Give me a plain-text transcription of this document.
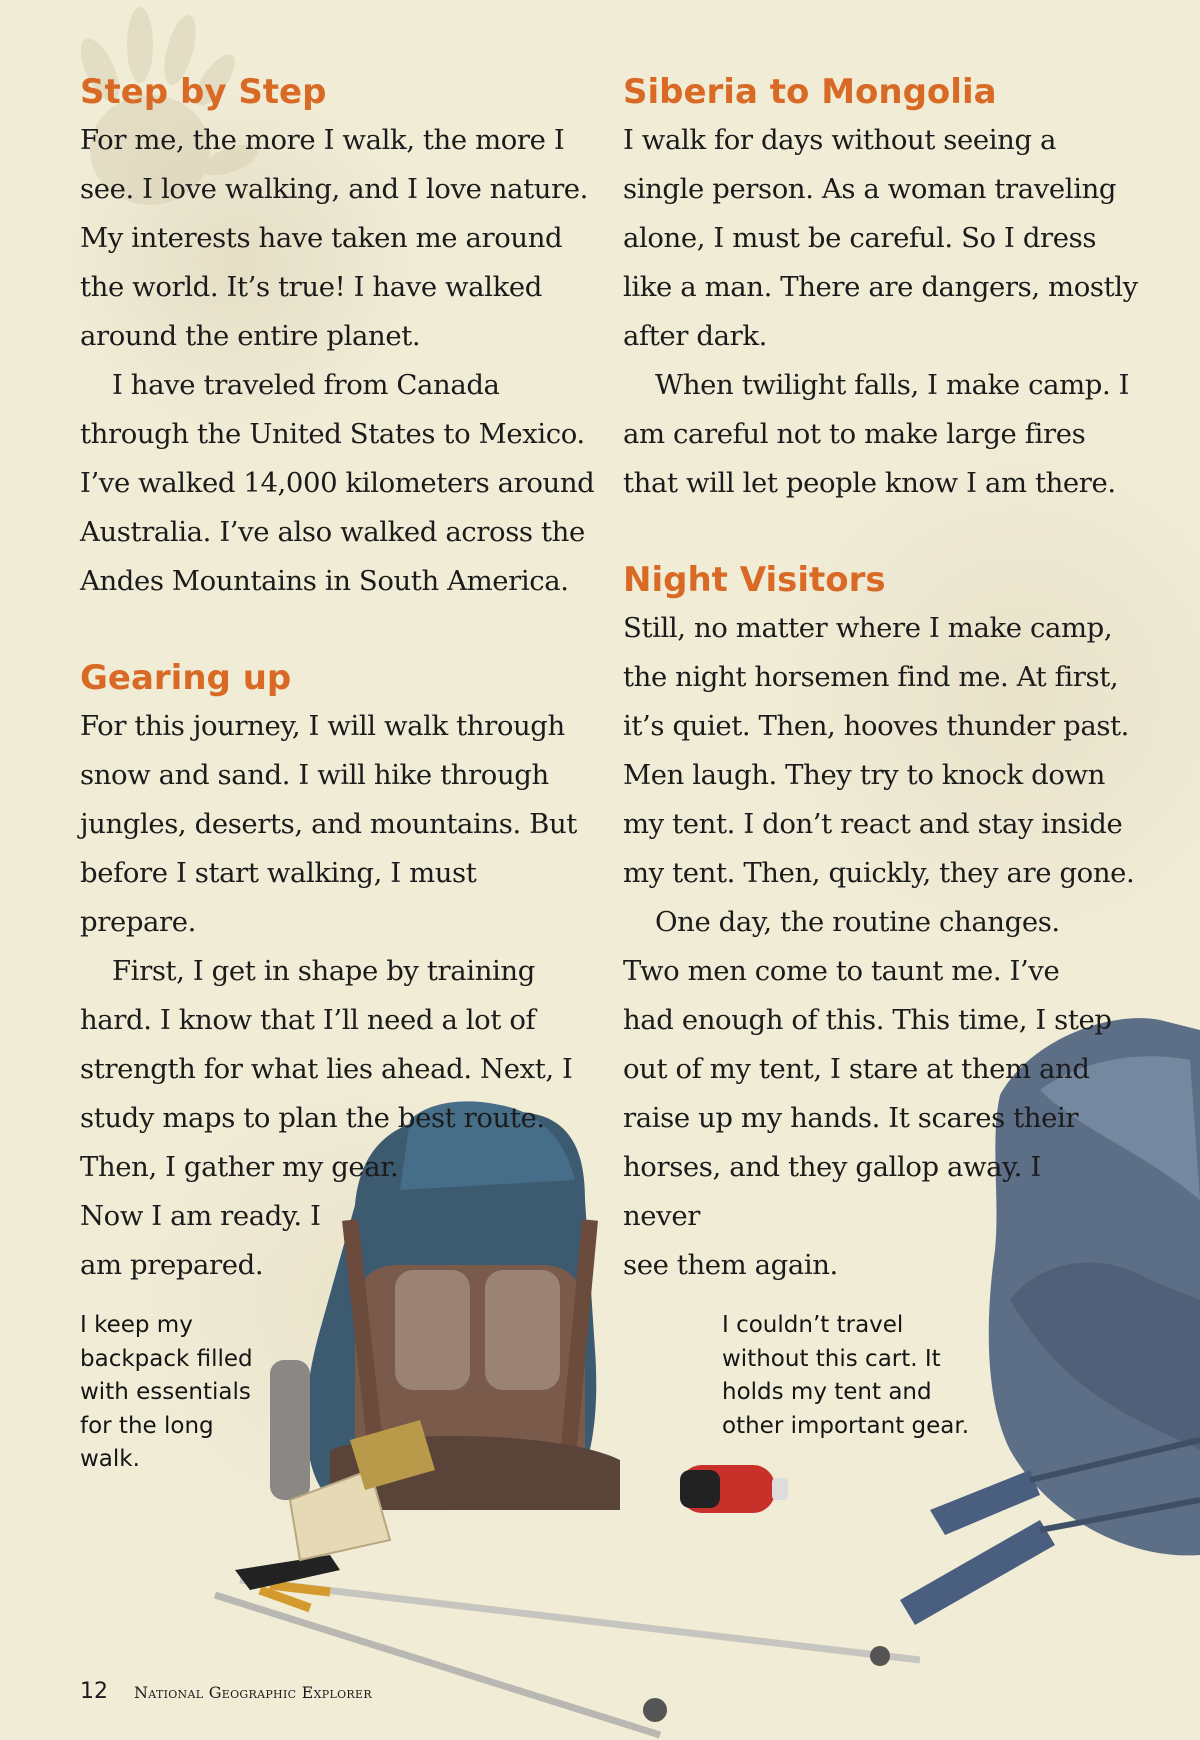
Step by Step

For me, the more I walk, the more I see. I love walking, and I love nature. My interests have taken me around the world. It’s true! I have walked around the entire planet.

I have traveled from Canada through the United States to Mexico. I’ve walked 14,000 kilometers around Australia. I’ve also walked across the Andes Mountains in South America.

Gearing up

For this journey, I will walk through snow and sand. I will hike through jungles, deserts, and mountains. But before I start walking, I must prepare.

First, I get in shape by training hard. I know that I’ll need a lot of strength for what lies ahead. Next, I study maps to plan the best route.

Then, I gather my gear.

Now I am ready. I

am prepared.

Siberia to Mongolia

I walk for days without seeing a single person. As a woman traveling alone, I must be careful. So I dress like a man. There are dangers, mostly after dark.

When twilight falls, I make camp. I am careful not to make large fires that will let people know I am there.

Night Visitors

Still, no matter where I make camp, the night horsemen find me. At first, it’s quiet. Then, hooves thunder past. Men laugh. They try to knock down my tent. I don’t react and stay inside my tent. Then, quickly, they are gone.

One day, the routine changes.

Two men come to taunt me. I’ve had enough of this. This time, I step out of my tent, I stare at them and raise up my hands. It scares their horses, and they gallop away. I never

see them again.

I keep my backpack filled with essentials for the long walk.
I couldn’t travel without this cart. It holds my tent and other important gear.
12 National Geographic Explorer
